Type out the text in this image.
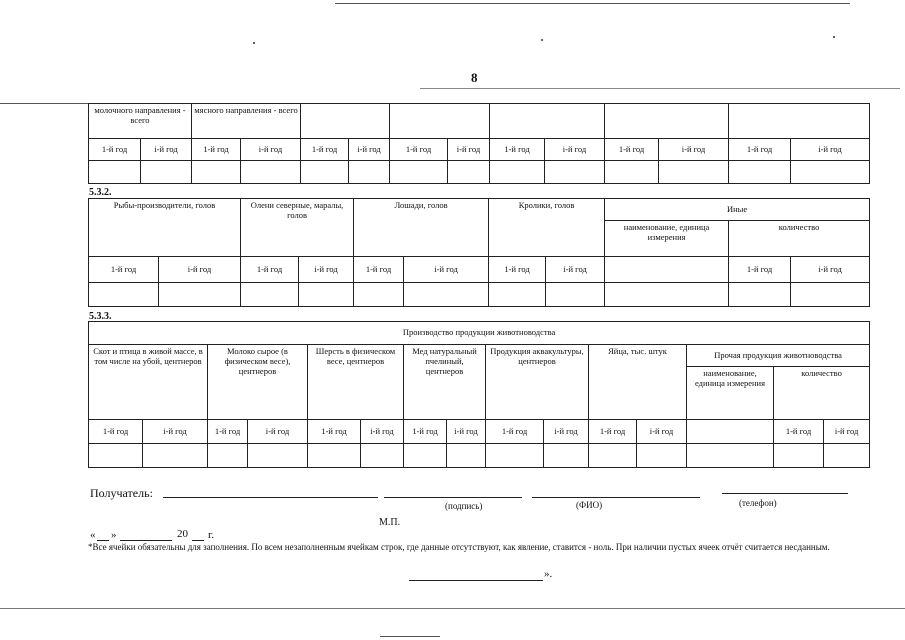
8
молочного направления - всего		мясного направления - всего											
1-й год	i-й год	1-й год	i-й год	1-й год	i-й год	1-й год	i-й год	1-й год	i-й год	1-й год	i-й год	1-й год	i-й год

5.3.2.
Рыбы-производители, голов		Олени северные, маралы, голов		Лошади, голов		Кролики, голов		Иные		
								наименование, единица измерения	количество	
1-й год	i-й год	1-й год	i-й год	1-й год	i-й год	1-й год	i-й год		1-й год	i-й год

5.3.3.
Производство продукции животноводства														
Скот и птица в живой массе, в том числе на убой, центнеров		Молоко сырое (в физическом весе), центнеров		Шерсть в физическом весе, центнеров		Мед натуральный пчелиный, центнеров		Продукция аквакультуры, центнеров		Яйца, тыс. штук		Прочая продукция животноводства		
												наименование, единица измерения	количество	
1-й год	i-й год	1-й год	i-й год	1-й год	i-й год	1-й год	i-й год	1-й год	i-й год	1-й год	i-й год		1-й год	i-й год

Получатель:
(подпись)	(ФИО)	(телефон)
М.П.
« »	20 г.
*Все ячейки обязательны для заполнения. По всем незаполненным ячейкам строк, где данные отсутствуют, как явление, ставится - ноль. При наличии пустых ячеек отчёт считается несданным.
».
